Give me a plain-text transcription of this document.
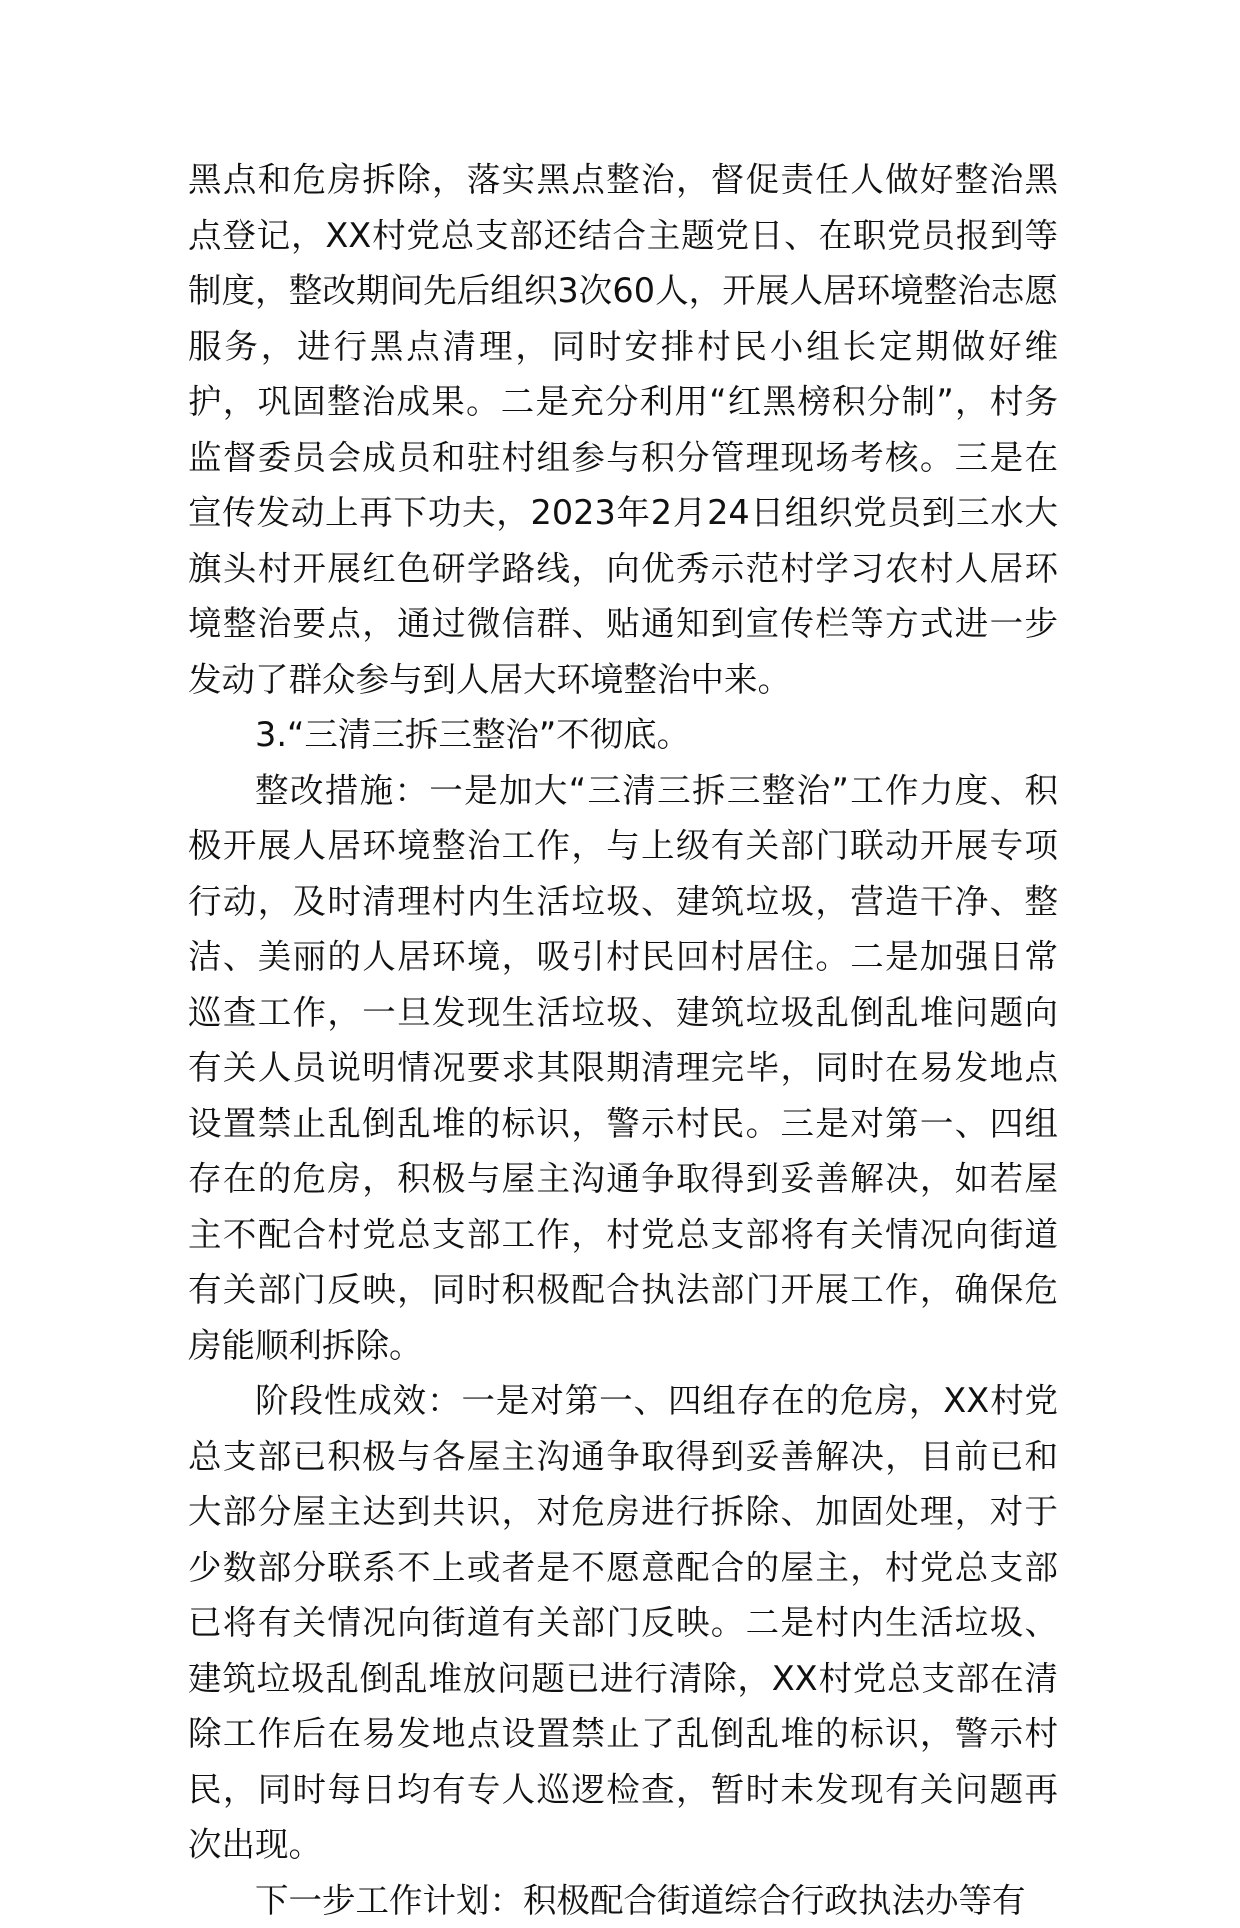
黑点和危房拆除，落实黑点整治，督促责任人做好整治黑点登记，XX村党总支部还结合主题党日、在职党员报到等制度，整改期间先后组织3次60人，开展人居环境整治志愿服务，进行黑点清理，同时安排村民小组长定期做好维护，巩固整治成果。二是充分利用“红黑榜积分制”，村务监督委员会成员和驻村组参与积分管理现场考核。三是在宣传发动上再下功夫，2023年2月24日组织党员到三水大旗头村开展红色研学路线，向优秀示范村学习农村人居环境整治要点，通过微信群、贴通知到宣传栏等方式进一步发动了群众参与到人居大环境整治中来。

3.“三清三拆三整治”不彻底。

整改措施：一是加大“三清三拆三整治”工作力度、积极开展人居环境整治工作，与上级有关部门联动开展专项行动，及时清理村内生活垃圾、建筑垃圾，营造干净、整洁、美丽的人居环境，吸引村民回村居住。二是加强日常巡查工作，一旦发现生活垃圾、建筑垃圾乱倒乱堆问题向有关人员说明情况要求其限期清理完毕，同时在易发地点设置禁止乱倒乱堆的标识，警示村民。三是对第一、四组存在的危房，积极与屋主沟通争取得到妥善解决，如若屋主不配合村党总支部工作，村党总支部将有关情况向街道有关部门反映，同时积极配合执法部门开展工作，确保危房能顺利拆除。

阶段性成效：一是对第一、四组存在的危房，XX村党总支部已积极与各屋主沟通争取得到妥善解决，目前已和大部分屋主达到共识，对危房进行拆除、加固处理，对于少数部分联系不上或者是不愿意配合的屋主，村党总支部已将有关情况向街道有关部门反映。二是村内生活垃圾、建筑垃圾乱倒乱堆放问题已进行清除，XX村党总支部在清除工作后在易发地点设置禁止了乱倒乱堆的标识，警示村民，同时每日均有专人巡逻检查，暂时未发现有关问题再次出现。

下一步工作计划：积极配合街道综合行政执法办等有
